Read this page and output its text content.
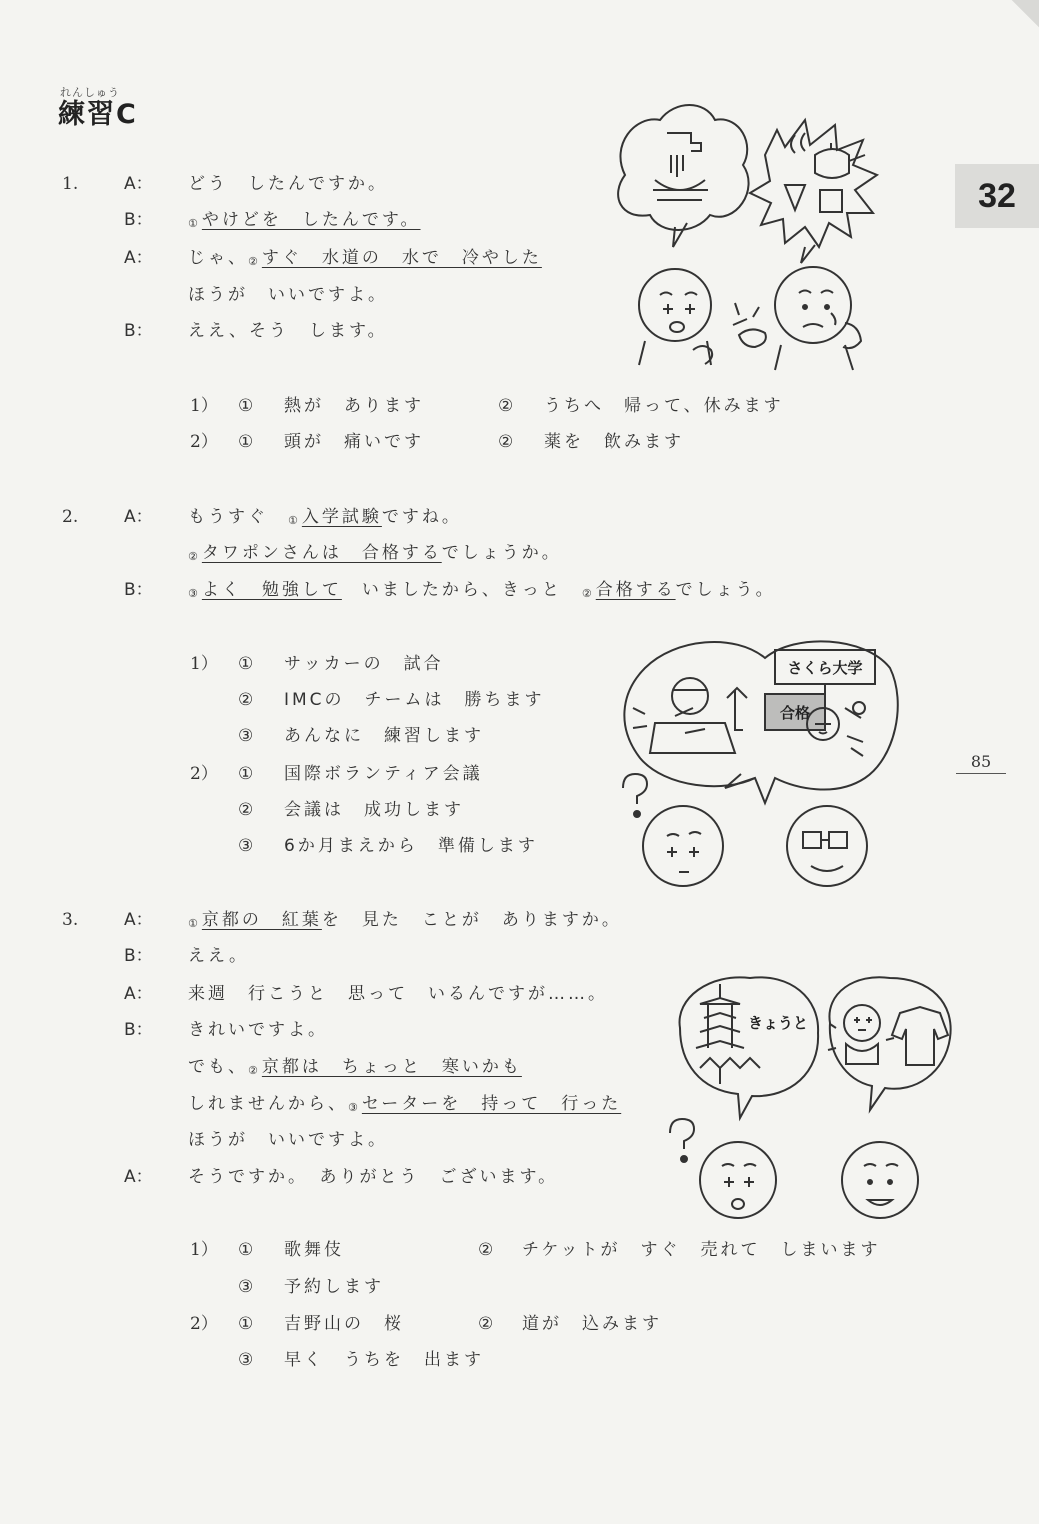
れんしゅう
練習C
32
85
1.	A： どう　したんですか。
B：	①やけどを　したんです。
A： じゃ、②すぐ　水道の　水で　冷やした
ほうが　いいですよ。
B： ええ、そう　します。
1） ① 熱が　あります	② うちへ　帰って、休みます
2） ① 頭が　痛いです	② 薬を　飲みます
2.	A： もうすぐ　①入学試験ですね。
②タワポンさんは　合格するでしょうか。
B：	③よく　勉強して　いましたから、きっと　②合格するでしょう。
1） ① サッカーの　試合
② IMCの　チームは　勝ちます
③ あんなに　練習します
2） ① 国際ボランティア会議
② 会議は　成功します
③ 6か月まえから　準備します
さくら大学
合格
3.	A：	①京都の　紅葉を　見た　ことが　ありますか。
B： ええ。
A： 来週　行こうと　思って　いるんですが……。
B： きれいですよ。
でも、②京都は　ちょっと　寒いかも
しれませんから、③セーターを　持って　行った
ほうが　いいですよ。
A： そうですか。　ありがとう　ございます。
1） ① 歌舞伎	② チケットが　すぐ　売れて　しまいます
③ 予約します
2） ① 吉野山の　桜	② 道が　込みます
③ 早く　うちを　出ます
きょうと
